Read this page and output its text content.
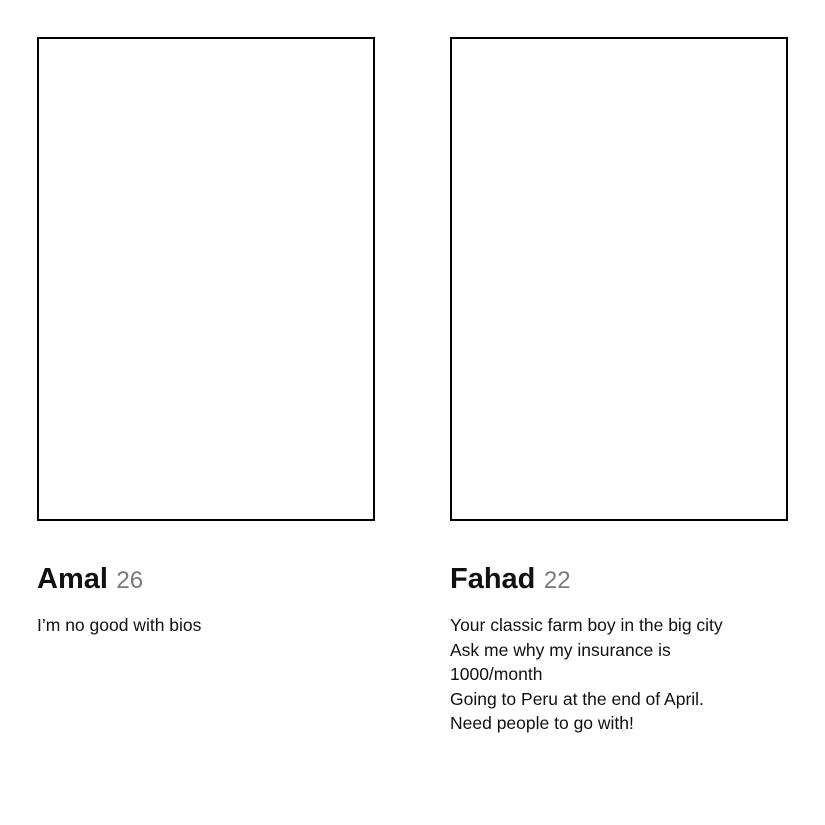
Amal 26
I’m no good with bios
Fahad 22
Your classic farm boy in the big city
Ask me why my insurance is 1000/month
Going to Peru at the end of April.
Need people to go with!
